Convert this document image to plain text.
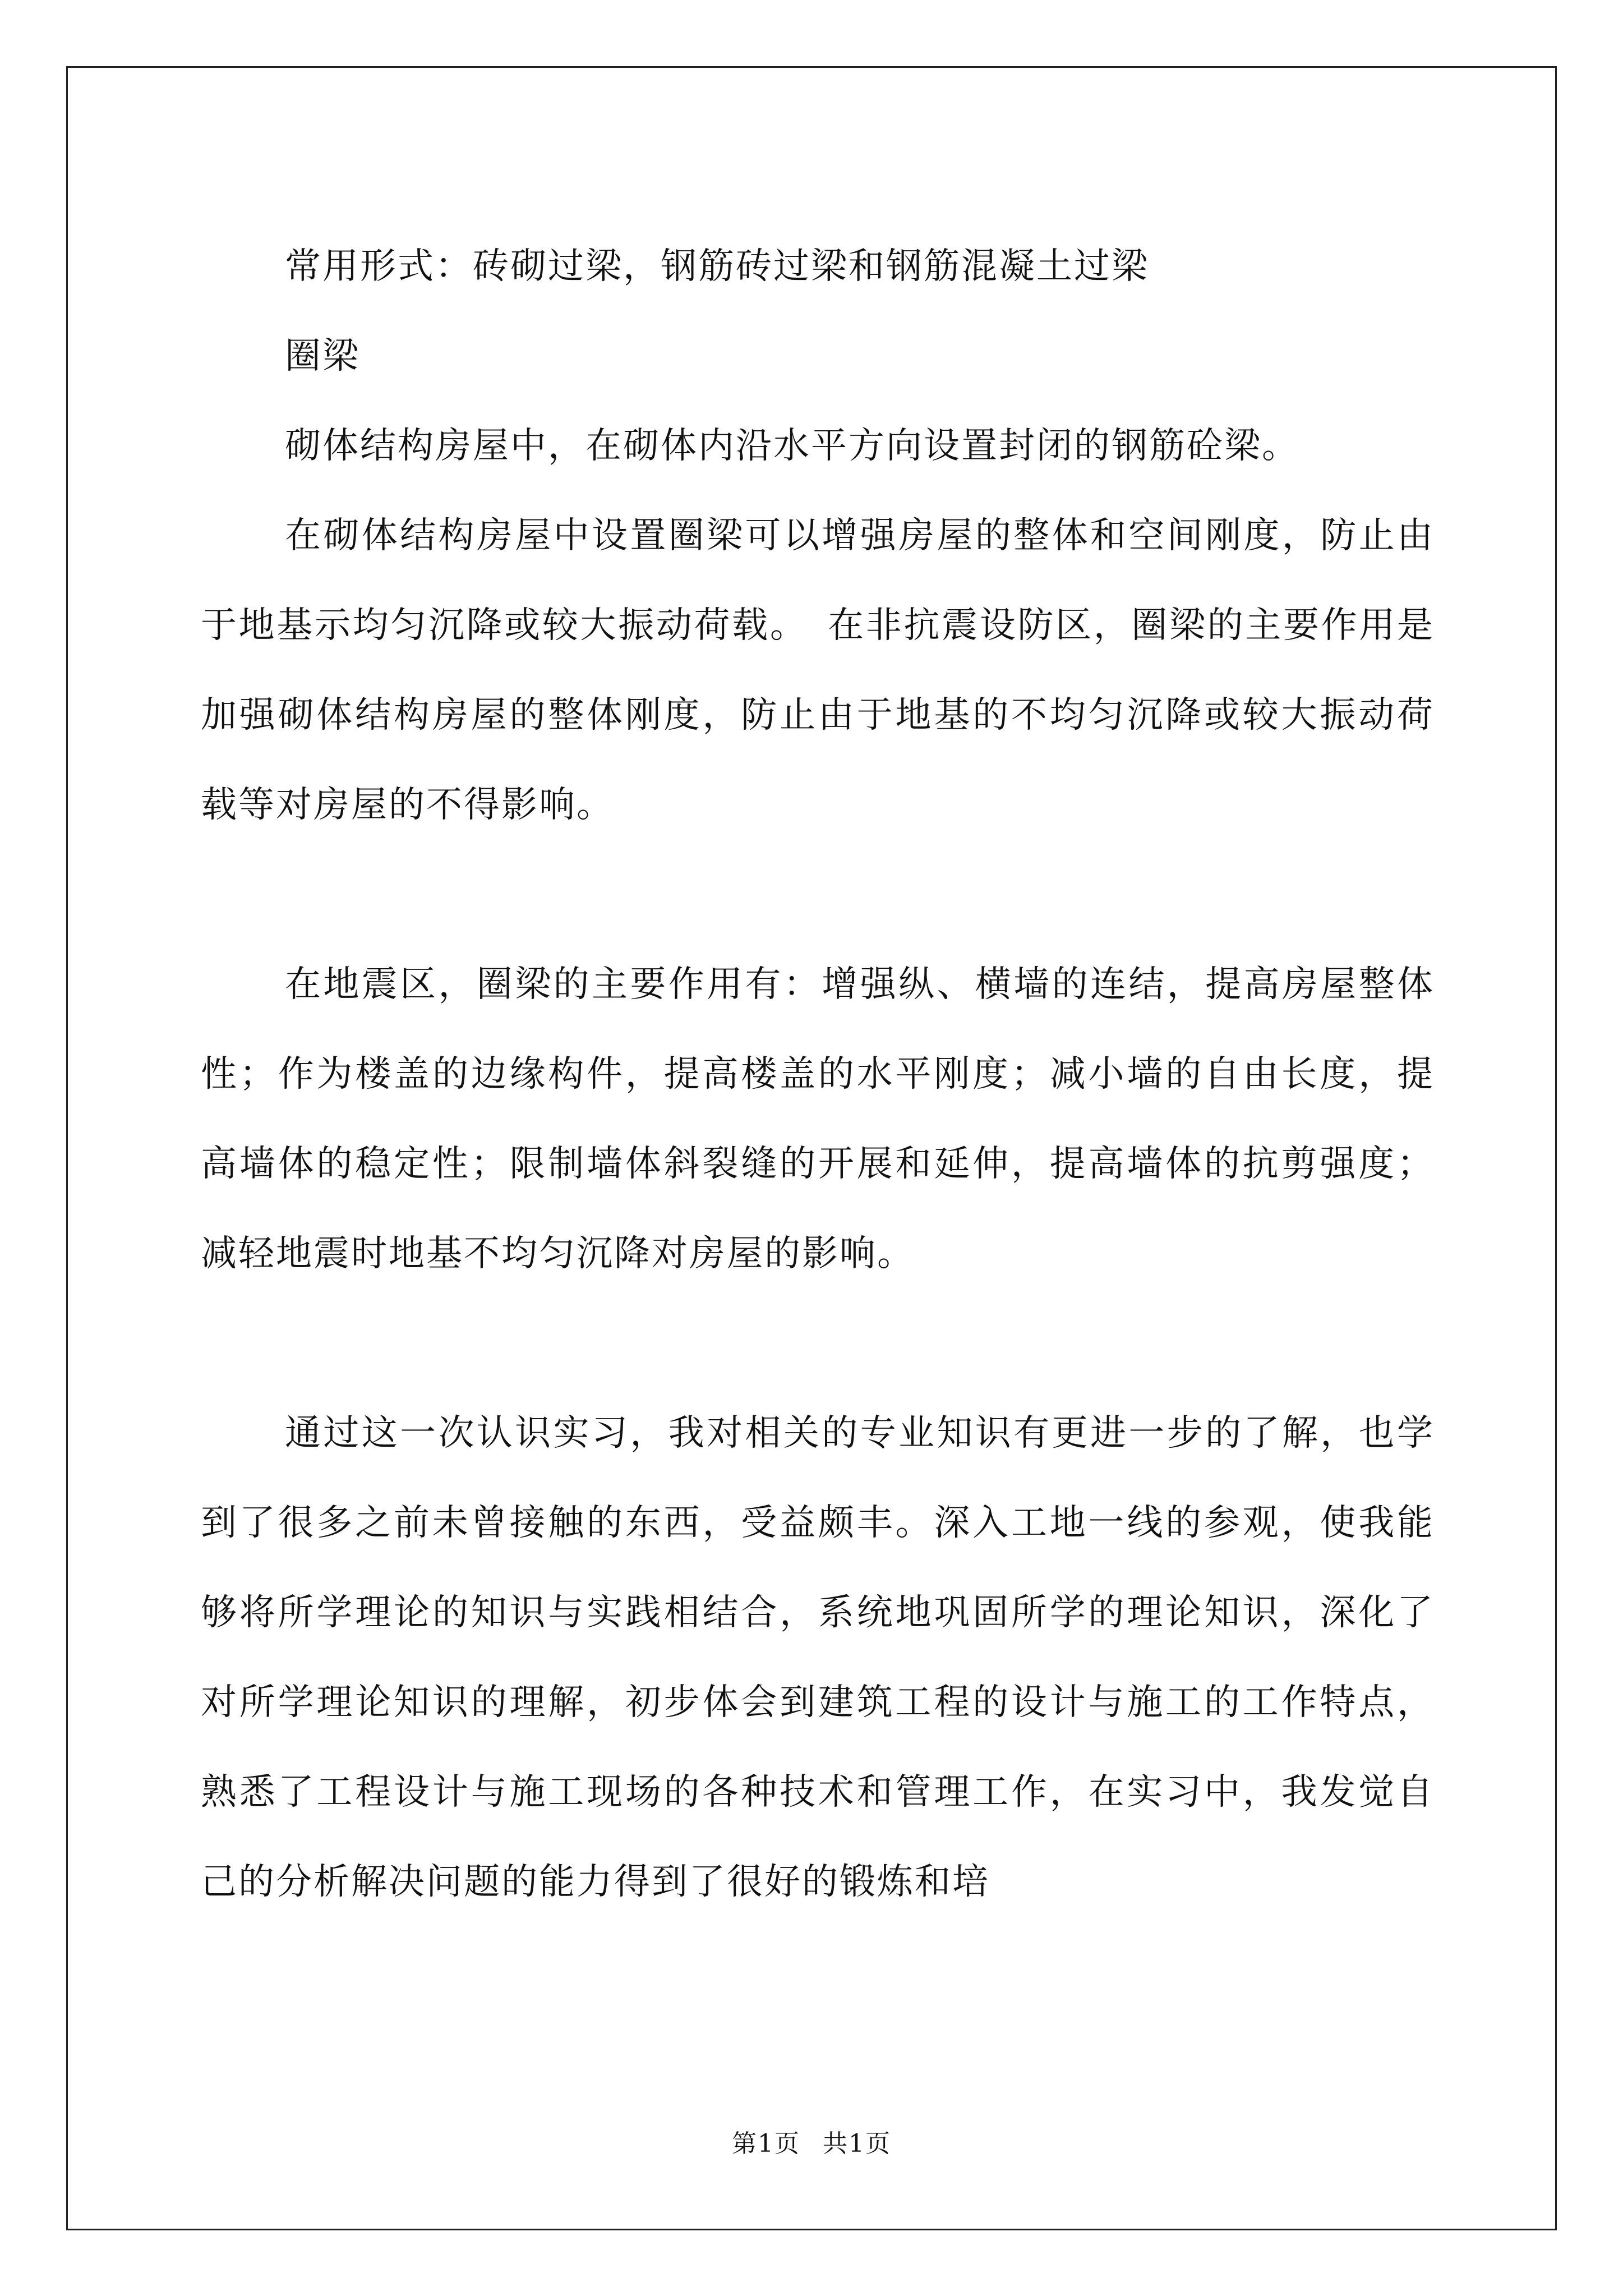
常用形式：砖砌过梁，钢筋砖过梁和钢筋混凝土过梁

圈梁

砌体结构房屋中，在砌体内沿水平方向设置封闭的钢筋砼梁。

在砌体结构房屋中设置圈梁可以增强房屋的整体和空间刚度，防止由于地基示均匀沉降或较大振动荷载。　在非抗震设防区，圈梁的主要作用是加强砌体结构房屋的整体刚度，防止由于地基的不均匀沉降或较大振动荷载等对房屋的不得影响。

在地震区，圈梁的主要作用有：增强纵、横墙的连结，提高房屋整体性；作为楼盖的边缘构件，提高楼盖的水平刚度；减小墙的自由长度，提高墙体的稳定性；限制墙体斜裂缝的开展和延伸，提高墙体的抗剪强度；减轻地震时地基不均匀沉降对房屋的影响。

通过这一次认识实习，我对相关的专业知识有更进一步的了解，也学到了很多之前未曾接触的东西，受益颇丰。深入工地一线的参观，使我能够将所学理论的知识与实践相结合，系统地巩固所学的理论知识，深化了对所学理论知识的理解，初步体会到建筑工程的设计与施工的工作特点，熟悉了工程设计与施工现场的各种技术和管理工作，在实习中，我发觉自己的分析解决问题的能力得到了很好的锻炼和培

第1页 共1页
